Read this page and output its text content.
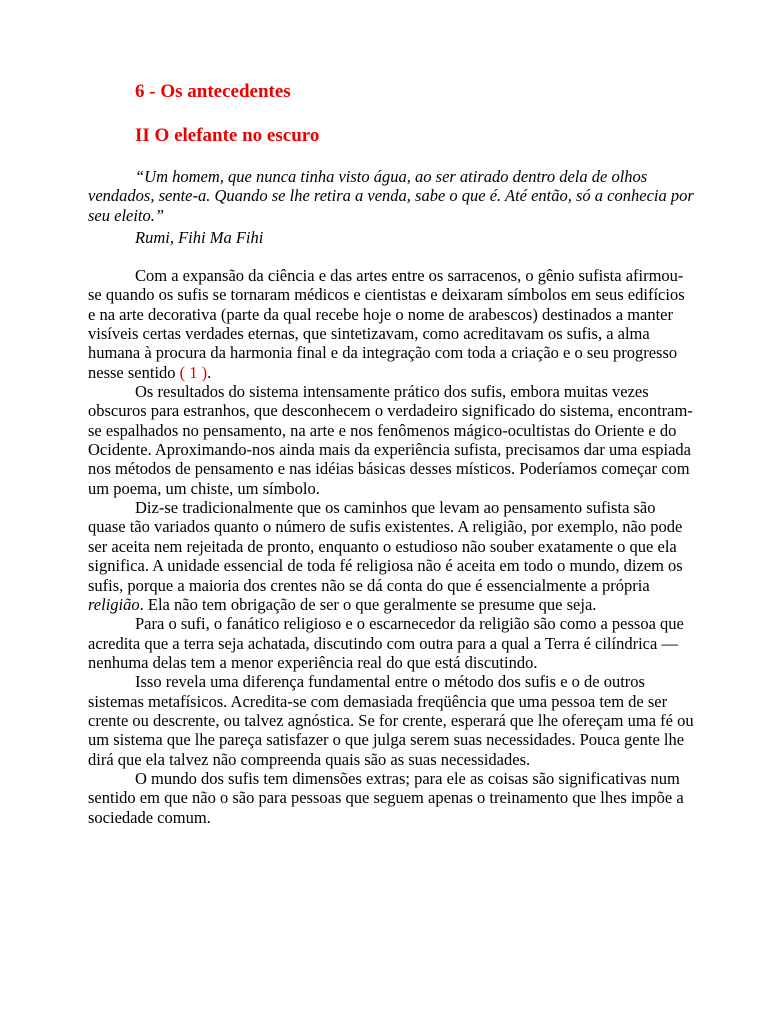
6 - Os antecedentes
II O elefante no escuro

“Um homem, que nunca tinha visto água, ao ser atirado dentro dela de olhos vendados, sente-a. Quando se lhe retira a venda, sabe o que é. Até então, só a conhecia por seu eleito.”

Rumi, Fihi Ma Fihi

Com a expansão da ciência e das artes entre os sarracenos, o gênio sufista afirmou-se quando os sufis se tornaram médicos e cientistas e deixaram símbolos em seus edifícios e na arte decorativa (parte da qual recebe hoje o nome de arabescos) destinados a manter visíveis certas verdades eternas, que sintetizavam, como acreditavam os sufis, a alma humana à procura da harmonia final e da integração com toda a criação e o seu progresso nesse sentido ( 1 ).

Os resultados do sistema intensamente prático dos sufis, embora muitas vezes obscuros para estranhos, que desconhecem o verdadeiro significado do sistema, encontram-se espalhados no pensamento, na arte e nos fenômenos mágico-ocultistas do Oriente e do Ocidente. Aproximando-nos ainda mais da experiência sufista, precisamos dar uma espiada nos métodos de pensamento e nas idéias básicas desses místicos. Poderíamos começar com um poema, um chiste, um símbolo.

Diz-se tradicionalmente que os caminhos que levam ao pensamento sufista são quase tão variados quanto o número de sufis existentes. A religião, por exemplo, não pode ser aceita nem rejeitada de pronto, enquanto o estudioso não souber exatamente o que ela significa. A unidade essencial de toda fé religiosa não é aceita em todo o mundo, dizem os sufis, porque a maioria dos crentes não se dá conta do que é essencialmente a própria religião. Ela não tem obrigação de ser o que geralmente se presume que seja.

Para o sufi, o fanático religioso e o escarnecedor da religião são como a pessoa que acredita que a terra seja achatada, discutindo com outra para a qual a Terra é cilíndrica — nenhuma delas tem a menor experiência real do que está discutindo.

Isso revela uma diferença fundamental entre o método dos sufis e o de outros sistemas metafísicos. Acredita-se com demasiada freqüência que uma pessoa tem de ser crente ou descrente, ou talvez agnóstica. Se for crente, esperará que lhe ofereçam uma fé ou um sistema que lhe pareça satisfazer o que julga serem suas necessidades. Pouca gente lhe dirá que ela talvez não compreenda quais são as suas necessidades.

O mundo dos sufis tem dimensões extras; para ele as coisas são significativas num sentido em que não o são para pessoas que seguem apenas o treinamento que lhes impõe a sociedade comum.
